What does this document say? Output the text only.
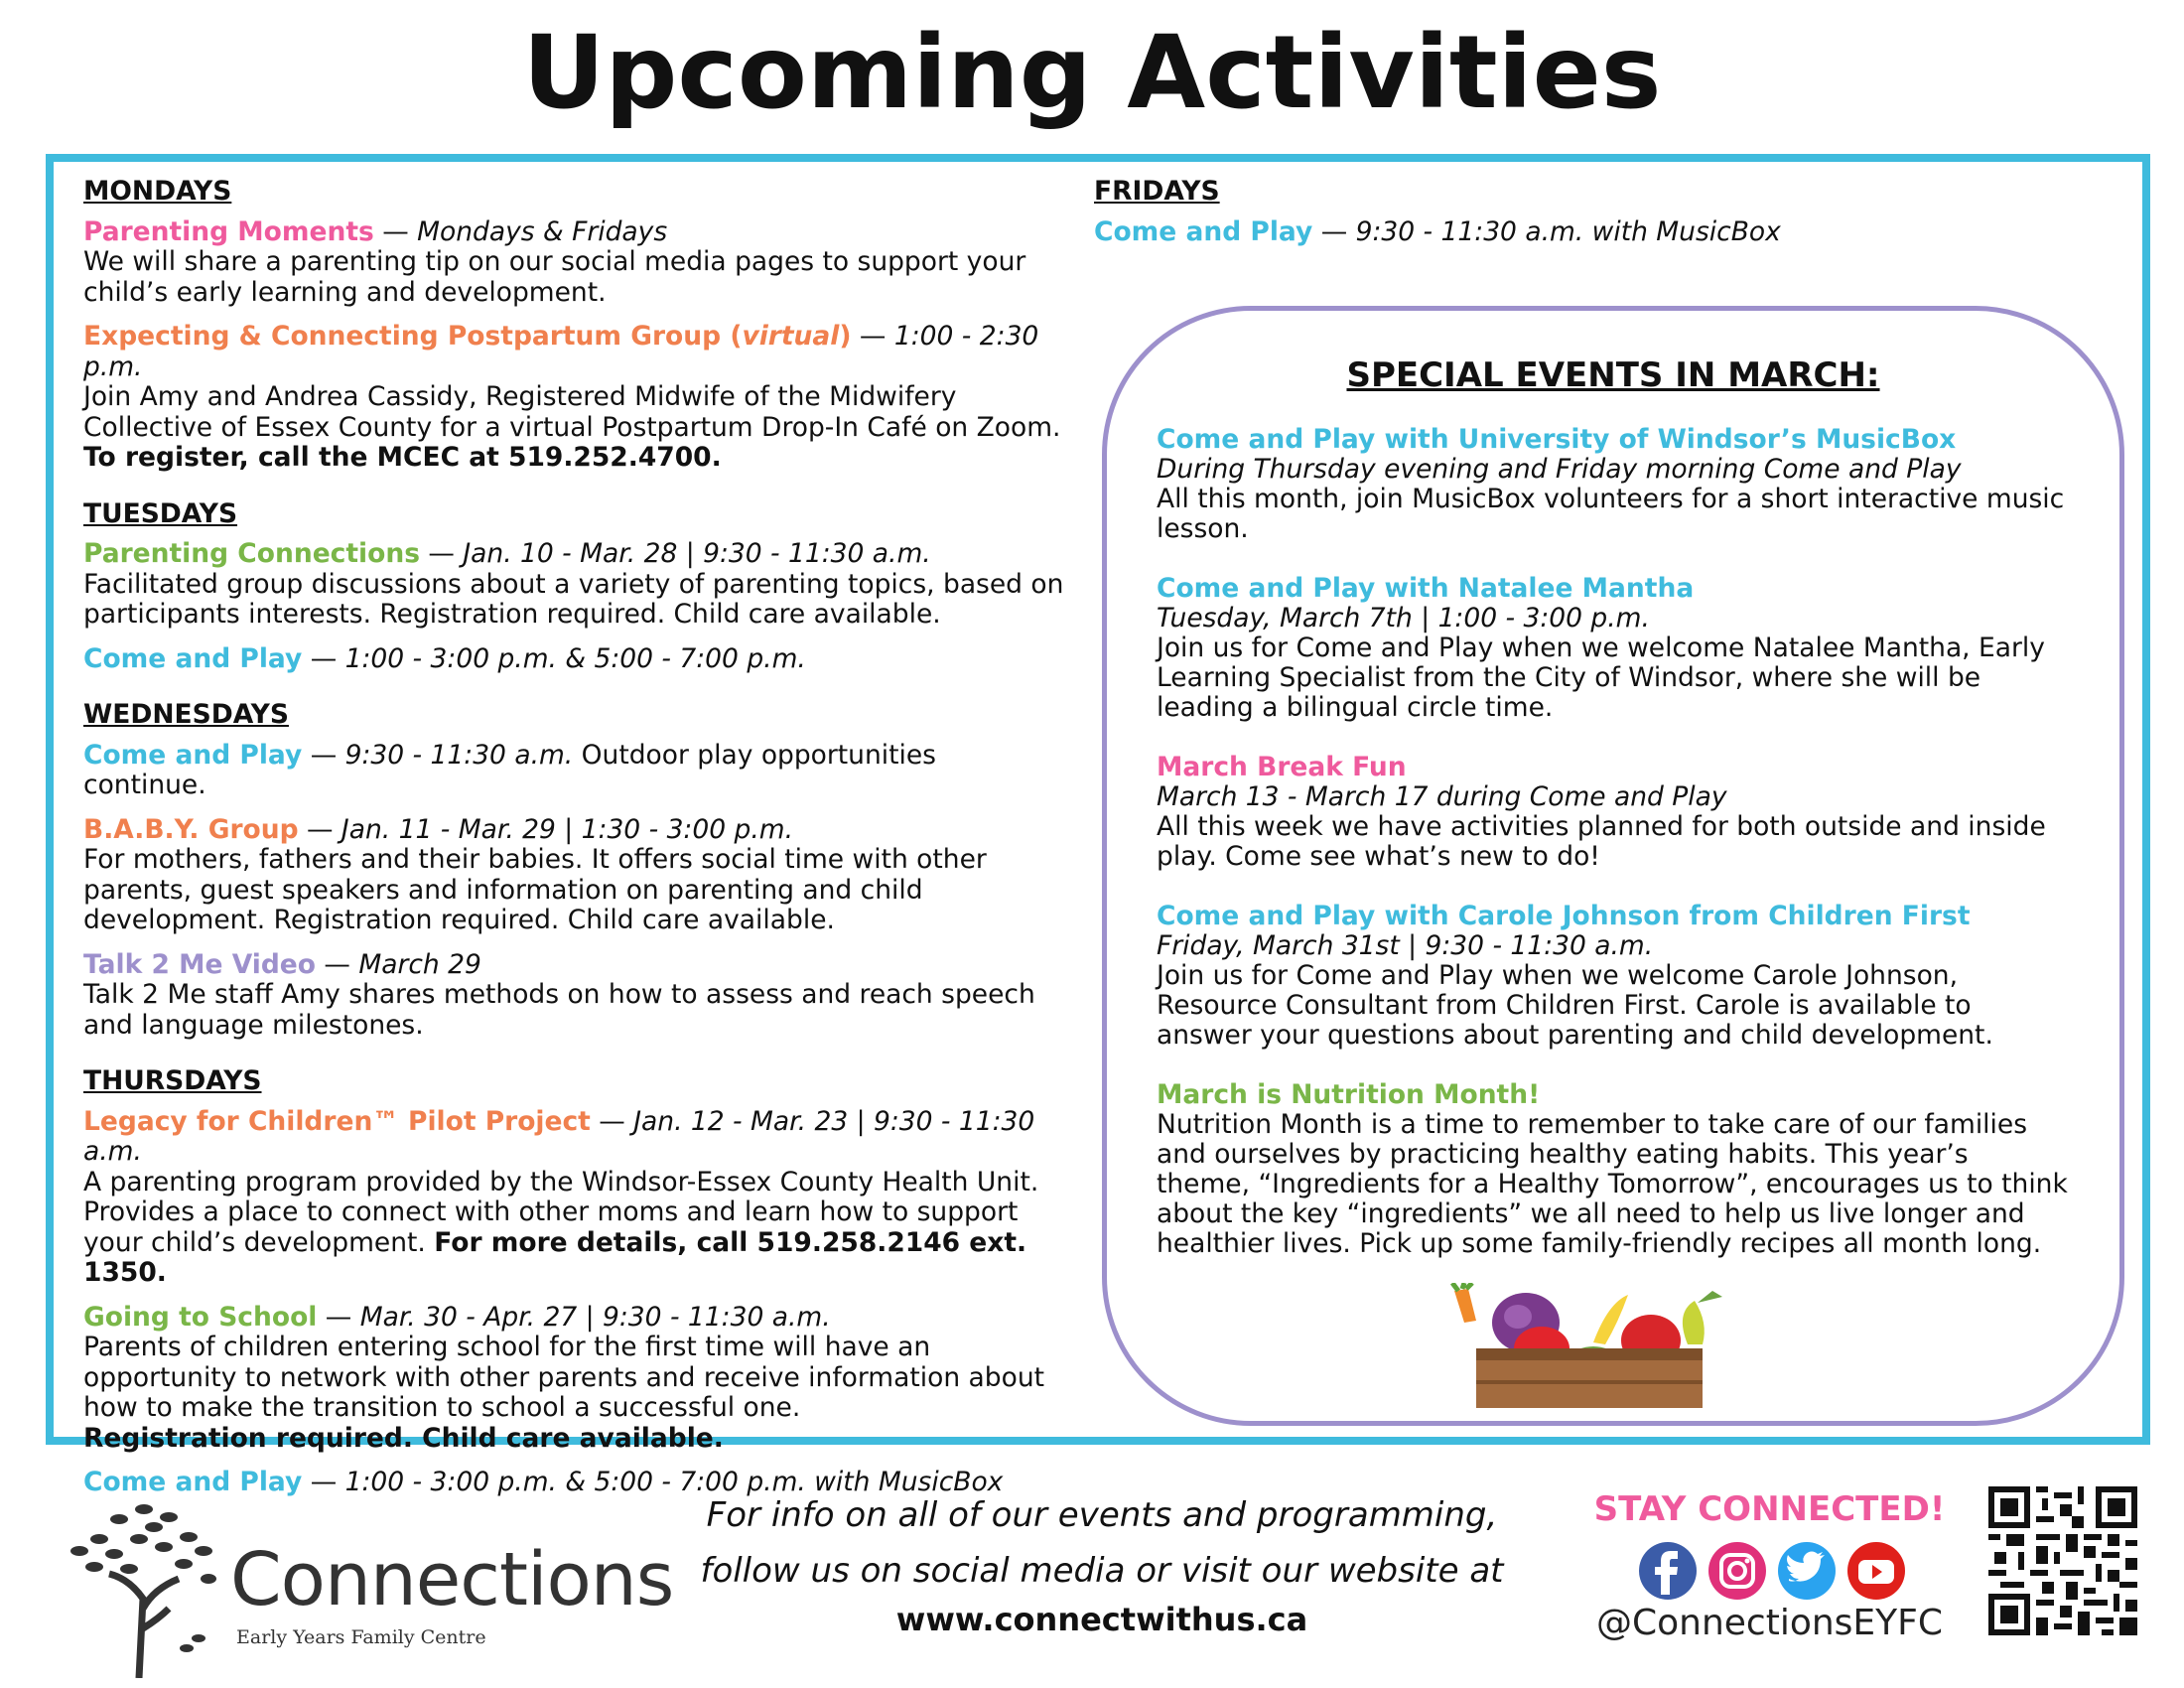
Upcoming Activities
MONDAYS
Parenting Moments — Mondays & Fridays
We will share a parenting tip on our social media pages to support your child’s early learning and development.
Expecting & Connecting Postpartum Group (virtual) — 1:00 - 2:30 p.m.
Join Amy and Andrea Cassidy, Registered Midwife of the Midwifery Collective of Essex County for a virtual Postpartum Drop-In Café on Zoom.
To register, call the MCEC at 519.252.4700.
TUESDAYS
Parenting Connections — Jan. 10 - Mar. 28 | 9:30 - 11:30 a.m.
Facilitated group discussions about a variety of parenting topics, based on participants interests. Registration required. Child care available.
Come and Play — 1:00 - 3:00 p.m. & 5:00 - 7:00 p.m.
WEDNESDAYS
Come and Play — 9:30 - 11:30 a.m. Outdoor play opportunities continue.
B.A.B.Y. Group — Jan. 11 - Mar. 29 | 1:30 - 3:00 p.m.
For mothers, fathers and their babies. It offers social time with other parents, guest speakers and information on parenting and child development. Registration required. Child care available.
Talk 2 Me Video — March 29
Talk 2 Me staff Amy shares methods on how to assess and reach speech and language milestones.
THURSDAYS
Legacy for Children™ Pilot Project — Jan. 12 - Mar. 23 | 9:30 - 11:30 a.m.
A parenting program provided by the Windsor-Essex County Health Unit. Provides a place to connect with other moms and learn how to support your child’s development. For more details, call 519.258.2146 ext. 1350.
Going to School — Mar. 30 - Apr. 27 | 9:30 - 11:30 a.m.
Parents of children entering school for the first time will have an opportunity to network with other parents and receive information about how to make the transition to school a successful one.
Registration required. Child care available.
Come and Play — 1:00 - 3:00 p.m. & 5:00 - 7:00 p.m. with MusicBox
FRIDAYS
Come and Play — 9:30 - 11:30 a.m. with MusicBox
SPECIAL EVENTS IN MARCH:
Come and Play with University of Windsor’s MusicBox
During Thursday evening and Friday morning Come and Play
All this month, join MusicBox volunteers for a short interactive music lesson.
Come and Play with Natalee Mantha
Tuesday, March 7th | 1:00 - 3:00 p.m.
Join us for Come and Play when we welcome Natalee Mantha, Early Learning Specialist from the City of Windsor, where she will be leading a bilingual circle time.
March Break Fun
March 13 - March 17 during Come and Play
All this week we have activities planned for both outside and inside play. Come see what’s new to do!
Come and Play with Carole Johnson from Children First
Friday, March 31st | 9:30 - 11:30 a.m.
Join us for Come and Play when we welcome Carole Johnson, Resource Consultant from Children First. Carole is available to answer your questions about parenting and child development.
March is Nutrition Month!
Nutrition Month is a time to remember to take care of our families and ourselves by practicing healthy eating habits. This year’s theme, “Ingredients for a Healthy Tomorrow”, encourages us to think about the key “ingredients” we all need to help us live longer and healthier lives. Pick up some family-friendly recipes all month long.
Connections
Early Years Family Centre
For info on all of our events and programming,
follow us on social media or visit our website at
www.connectwithus.ca
STAY CONNECTED!
@ConnectionsEYFC
